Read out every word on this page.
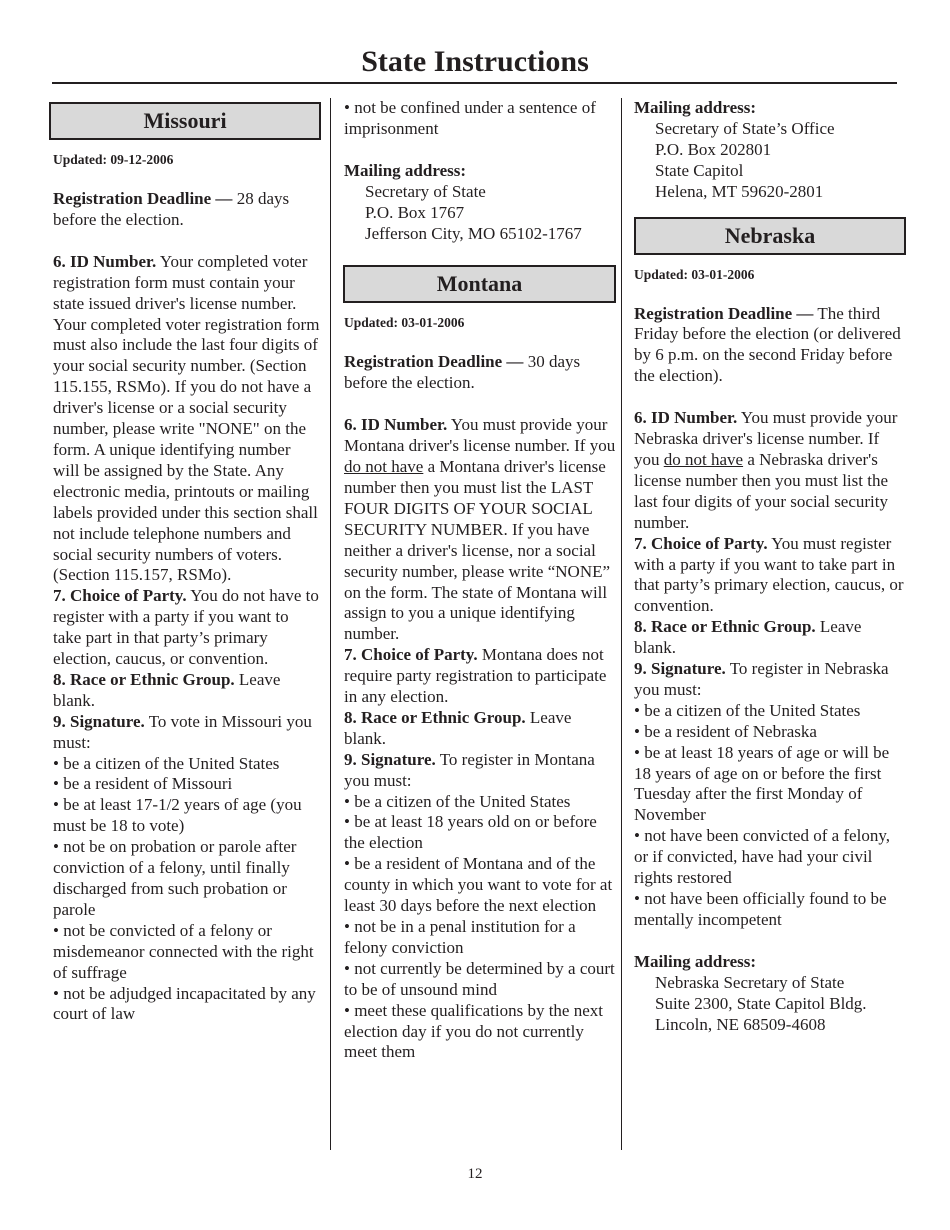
State Instructions
Missouri

Updated: 09-12-2006

Registration Deadline — 28 days before the election.

6. ID Number. Your completed voter registration form must contain your state issued driver's license number. Your completed voter registration form must also include the last four digits of your social security number. (Section 115.155, RSMo). If you do not have a driver's license or a social security number, please write "NONE" on the form. A unique identifying number will be assigned by the State. Any electronic media, printouts or mailing labels provided under this section shall not include telephone numbers and social security numbers of voters. (Section 115.157, RSMo).

7. Choice of Party. You do not have to register with a party if you want to take part in that party’s primary election, caucus, or convention.

8. Race or Ethnic Group. Leave blank.

9. Signature. To vote in Missouri you must:

• be a citizen of the United States
• be a resident of Missouri
• be at least 17-1/2 years of age (you must be 18 to vote)
• not be on probation or parole after conviction of a felony, until finally discharged from such probation or parole
• not be convicted of a felony or misdemeanor connected with the right of suffrage
• not be adjudged incapacitated by any court of law
• not be confined under a sentence of imprisonment

Mailing address:

Secretary of State
P.O. Box 1767
Jefferson City, MO 65102-1767
Montana

Updated: 03-01-2006

Registration Deadline — 30 days before the election.

6. ID Number. You must provide your Montana driver's license number. If you do not have a Montana driver's license number then you must list the LAST FOUR DIGITS OF YOUR SOCIAL SECURITY NUMBER. If you have neither a driver's license, nor a social security number, please write “NONE” on the form. The state of Montana will assign to you a unique identifying number.

7. Choice of Party. Montana does not require party registration to participate in any election.

8. Race or Ethnic Group. Leave blank.

9. Signature. To register in Montana you must:

• be a citizen of the United States
• be at least 18 years old on or before the election
• be a resident of Montana and of the county in which you want to vote for at least 30 days before the next election
• not be in a penal institution for a felony conviction
• not currently be determined by a court to be of unsound mind
• meet these qualifications by the next election day if you do not currently meet them

Mailing address:

Secretary of State’s Office
P.O. Box 202801
State Capitol
Helena, MT 59620-2801
Nebraska

Updated: 03-01-2006

Registration Deadline — The third Friday before the election (or delivered by 6 p.m. on the second Friday before the election).

6. ID Number. You must provide your Nebraska driver's license number. If you do not have a Nebraska driver's license number then you must list the last four digits of your social security number.

7. Choice of Party. You must register with a party if you want to take part in that party’s primary election, caucus, or convention.

8. Race or Ethnic Group. Leave blank.

9. Signature. To register in Nebraska you must:

• be a citizen of the United States
• be a resident of Nebraska
• be at least 18 years of age or will be 18 years of age on or before the first Tuesday after the first Monday of November
• not have been convicted of a felony, or if convicted, have had your civil rights restored
• not have been officially found to be mentally incompetent

Mailing address:

Nebraska Secretary of State
Suite 2300, State Capitol Bldg.
Lincoln, NE 68509-4608
12
